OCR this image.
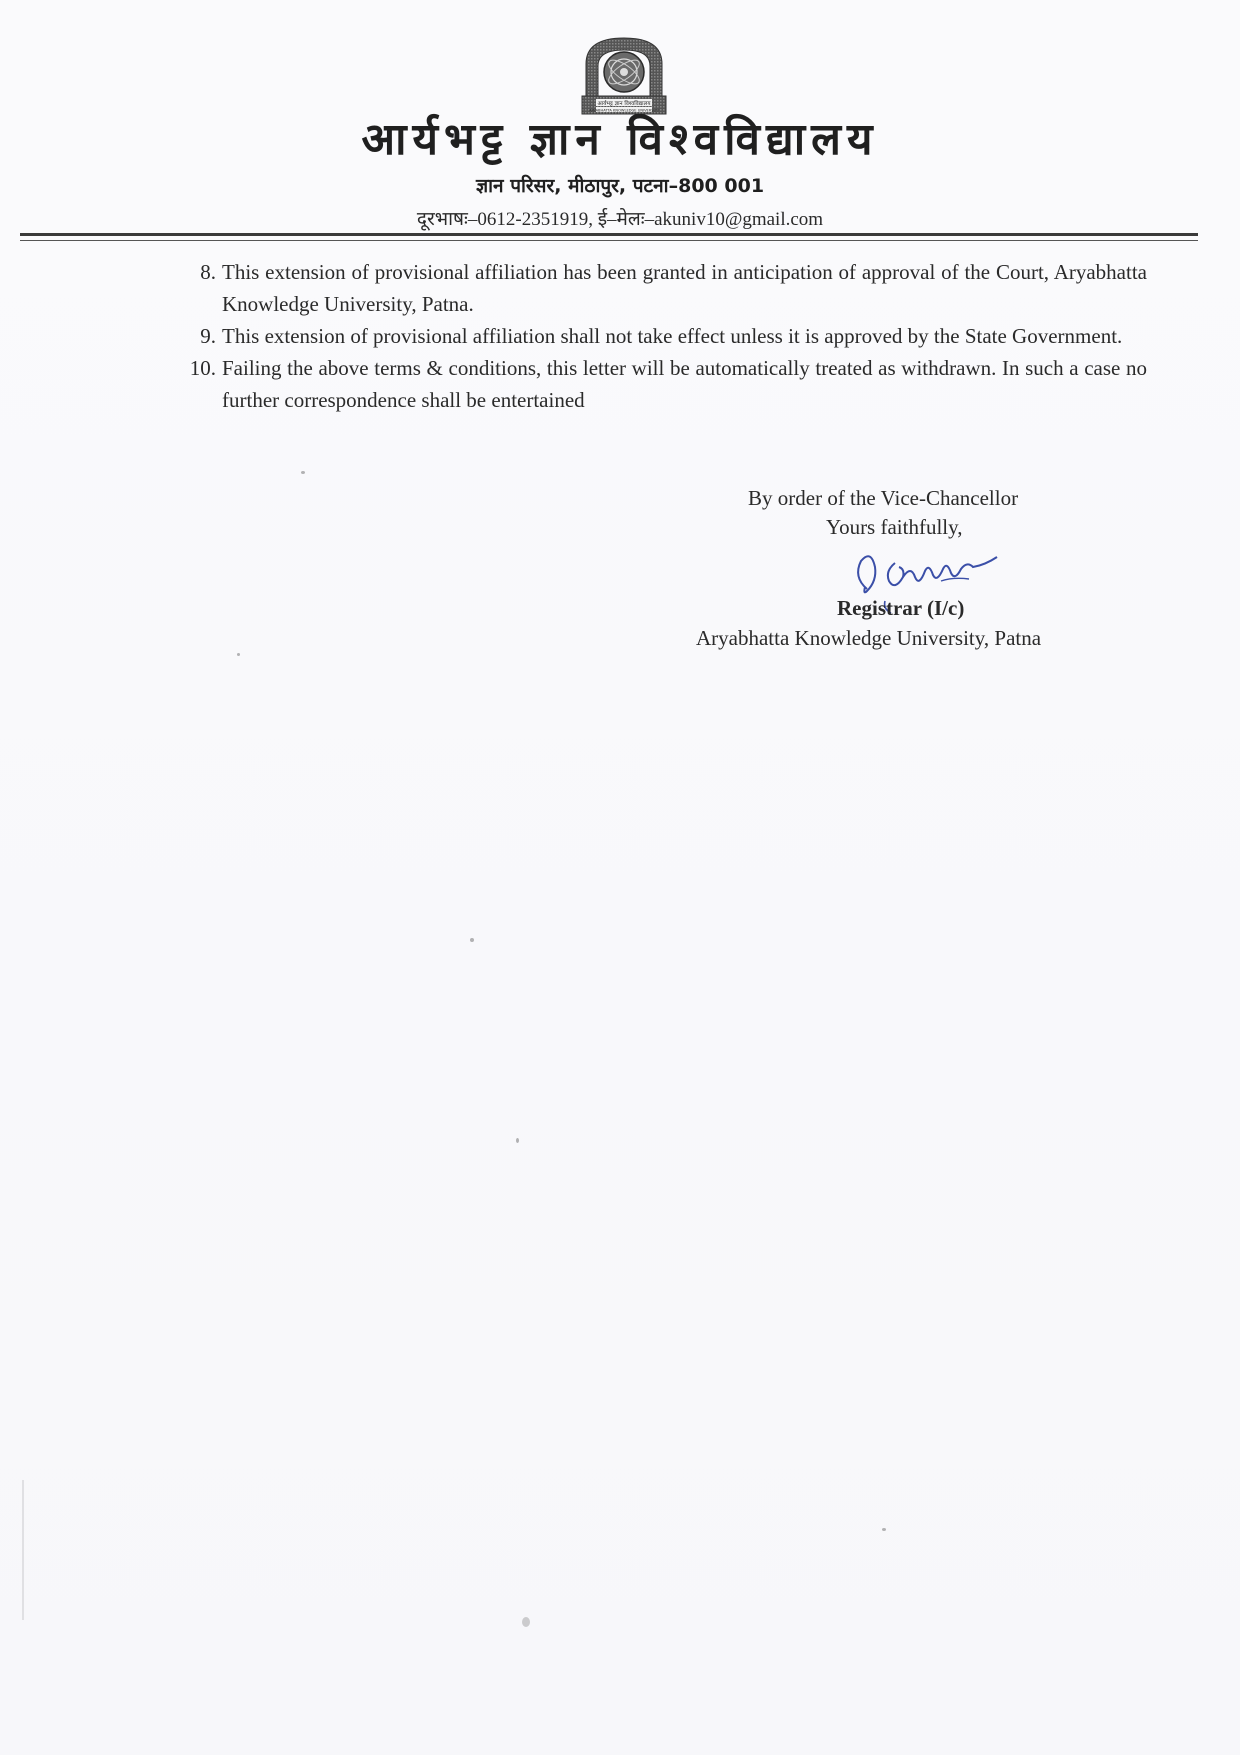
आर्यभट्ट ज्ञान विश्वविद्यालय
ARYABHATTA KNOWLEDGE UNIVERSITY
आर्यभट्ट ज्ञान विश्वविद्यालय
ज्ञान परिसर, मीठापुर, पटना–800 001
दूरभाषः–0612-2351919, ई–मेलः–akuniv10@gmail.com
8. This extension of provisional affiliation has been granted in anticipation of approval of the Court, Aryabhatta Knowledge University, Patna.
9. This extension of provisional affiliation shall not take effect unless it is approved by the State Government.
10. Failing the above terms & conditions, this letter will be automatically treated as withdrawn. In such a case no further correspondence shall be entertained
By order of the Vice-Chancellor
Yours faithfully,
Registrar (I/c)
Aryabhatta Knowledge University, Patna
